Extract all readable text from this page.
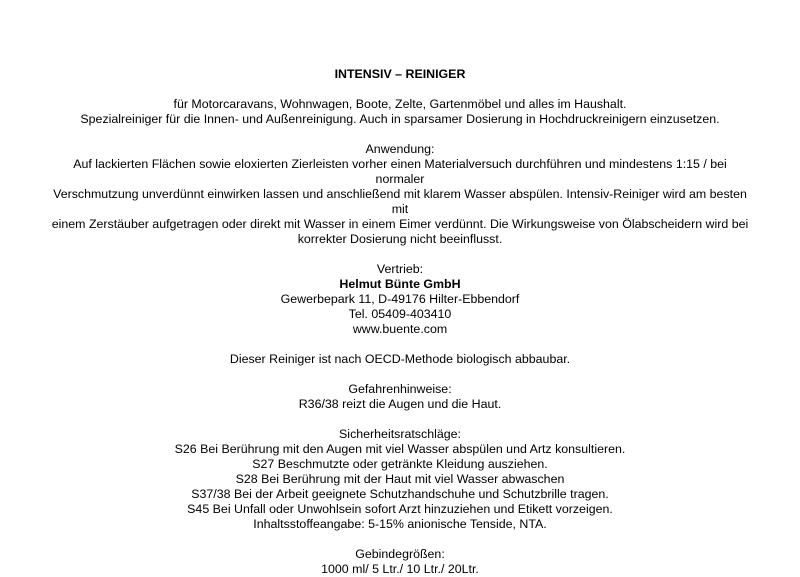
INTENSIV – REINIGER

für Motorcaravans, Wohnwagen, Boote, Zelte, Gartenmöbel und alles im Haushalt.
Spezialreiniger für die Innen- und Außenreinigung. Auch in sparsamer Dosierung in Hochdruckreinigern einzusetzen.
Anwendung:
Auf lackierten Flächen sowie eloxierten Zierleisten vorher einen Materialversuch durchführen und mindestens 1:15 / bei normaler
Verschmutzung unverdünnt einwirken lassen und anschließend mit klarem Wasser abspülen. Intensiv-Reiniger wird am besten mit
einem Zerstäuber aufgetragen oder direkt mit Wasser in einem Eimer verdünnt. Die Wirkungsweise von Ölabscheidern wird bei
korrekter Dosierung nicht beeinflusst.
Vertrieb:
Helmut Bünte GmbH
Gewerbepark 11, D-49176 Hilter-Ebbendorf
Tel. 05409-403410
www.buente.com
Dieser Reiniger ist nach OECD-Methode biologisch abbaubar.
Gefahrenhinweise:
R36/38 reizt die Augen und die Haut.
Sicherheitsratschläge:
S26 Bei Berührung mit den Augen mit viel Wasser abspülen und Artz konsultieren.
S27 Beschmutzte oder getränkte Kleidung ausziehen.
S28 Bei Berührung mit der Haut mit viel Wasser abwaschen
S37/38 Bei der Arbeit geeignete Schutzhandschuhe und Schutzbrille tragen.
S45 Bei Unfall oder Unwohlsein sofort Arzt hinzuziehen und Etikett vorzeigen.
Inhaltsstoffeangabe: 5-15% anionische Tenside, NTA.
Gebindegrößen:
1000 ml/ 5 Ltr./ 10 Ltr./ 20Ltr.
